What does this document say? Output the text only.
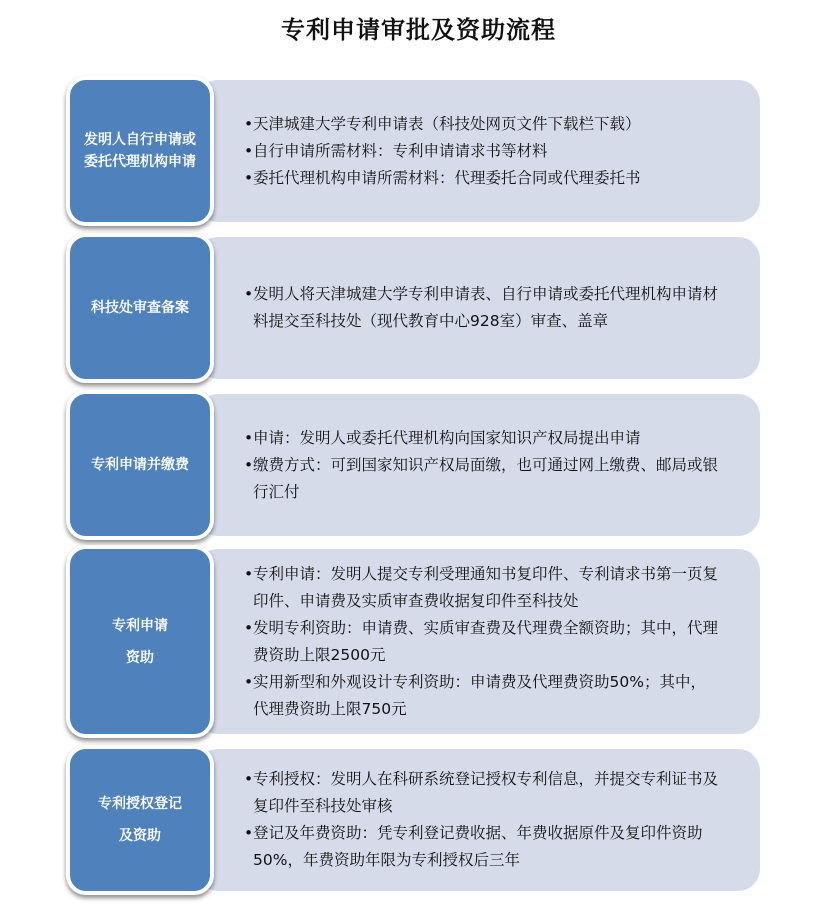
专利申请审批及资助流程
发明人自行申请或
委托代理机构申请
• 天津城建大学专利申请表（科技处网页文件下载栏下载）
• 自行申请所需材料：专利申请请求书等材料
• 委托代理机构申请所需材料：代理委托合同或代理委托书
科技处审查备案
• 发明人将天津城建大学专利申请表、自行申请或委托代理机构申请材料提交至科技处（现代教育中心928室）审查、盖章
专利申请并缴费
• 申请：发明人或委托代理机构向国家知识产权局提出申请
• 缴费方式：可到国家知识产权局面缴，也可通过网上缴费、邮局或银行汇付
专利申请
资助
• 专利申请：发明人提交专利受理通知书复印件、专利请求书第一页复印件、申请费及实质审查费收据复印件至科技处
• 发明专利资助：申请费、实质审查费及代理费全额资助；其中，代理费资助上限2500元
• 实用新型和外观设计专利资助：申请费及代理费资助50%；其中，代理费资助上限750元
专利授权登记
及资助
• 专利授权：发明人在科研系统登记授权专利信息，并提交专利证书及复印件至科技处审核
• 登记及年费资助：凭专利登记费收据、年费收据原件及复印件资助50%，年费资助年限为专利授权后三年
